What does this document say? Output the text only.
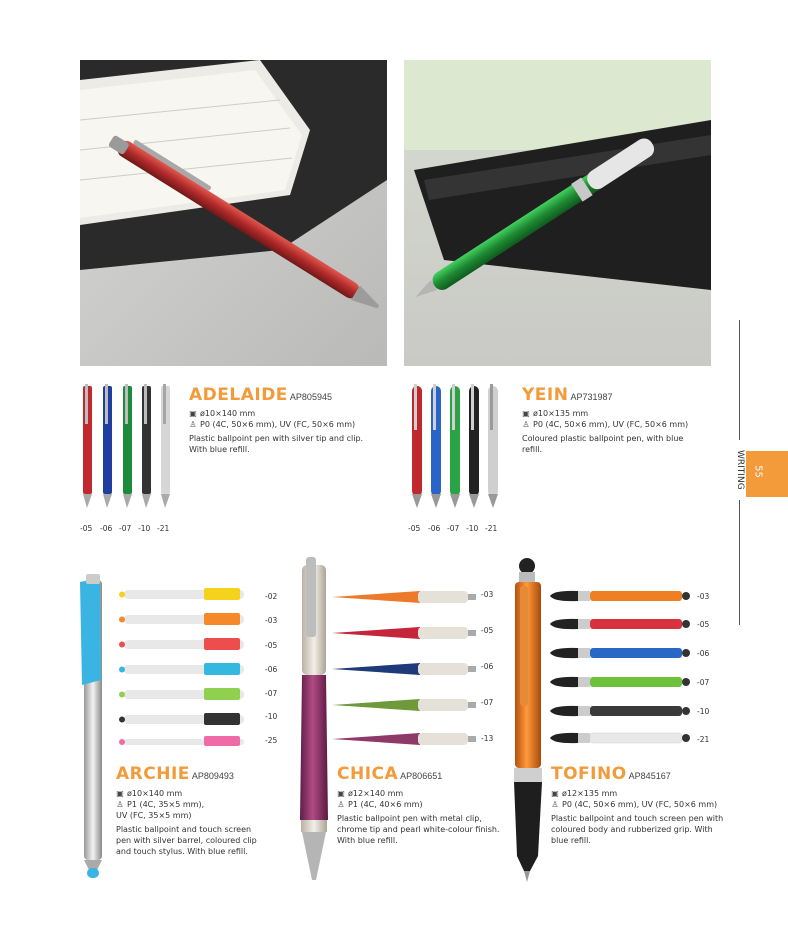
-05 -06 -07 -10 -21
ADELAIDE AP805945
▣ ø10×140 mm
♙ P0 (4C, 50×6 mm), UV (FC, 50×6 mm)
Plastic ballpoint pen with silver tip and clip. With blue refill.
-05 -06 -07 -10 -21
YEIN AP731987
▣ ø10×135 mm
♙ P0 (4C, 50×6 mm), UV (FC, 50×6 mm)
Coloured plastic ballpoint pen, with blue refill.
-02
-03
-05
-06
-07
-10
-25
ARCHIE AP809493
▣ ø10×140 mm
♙ P1 (4C, 35×5 mm),
UV (FC, 35×5 mm)
Plastic ballpoint and touch screen pen with silver barrel, coloured clip and touch stylus. With blue refill.
-03
-05
-06
-07
-13
CHICA AP806651
▣ ø12×140 mm
♙ P1 (4C, 40×6 mm)
Plastic ballpoint pen with metal clip, chrome tip and pearl white-colour finish. With blue refill.
-03
-05
-06
-07
-10
-21
TOFINO AP845167
▣ ø12×135 mm
♙ P0 (4C, 50×6 mm), UV (FC, 50×6 mm)
Plastic ballpoint and touch screen pen with coloured body and rubberized grip. With blue refill.
WRITING 55
